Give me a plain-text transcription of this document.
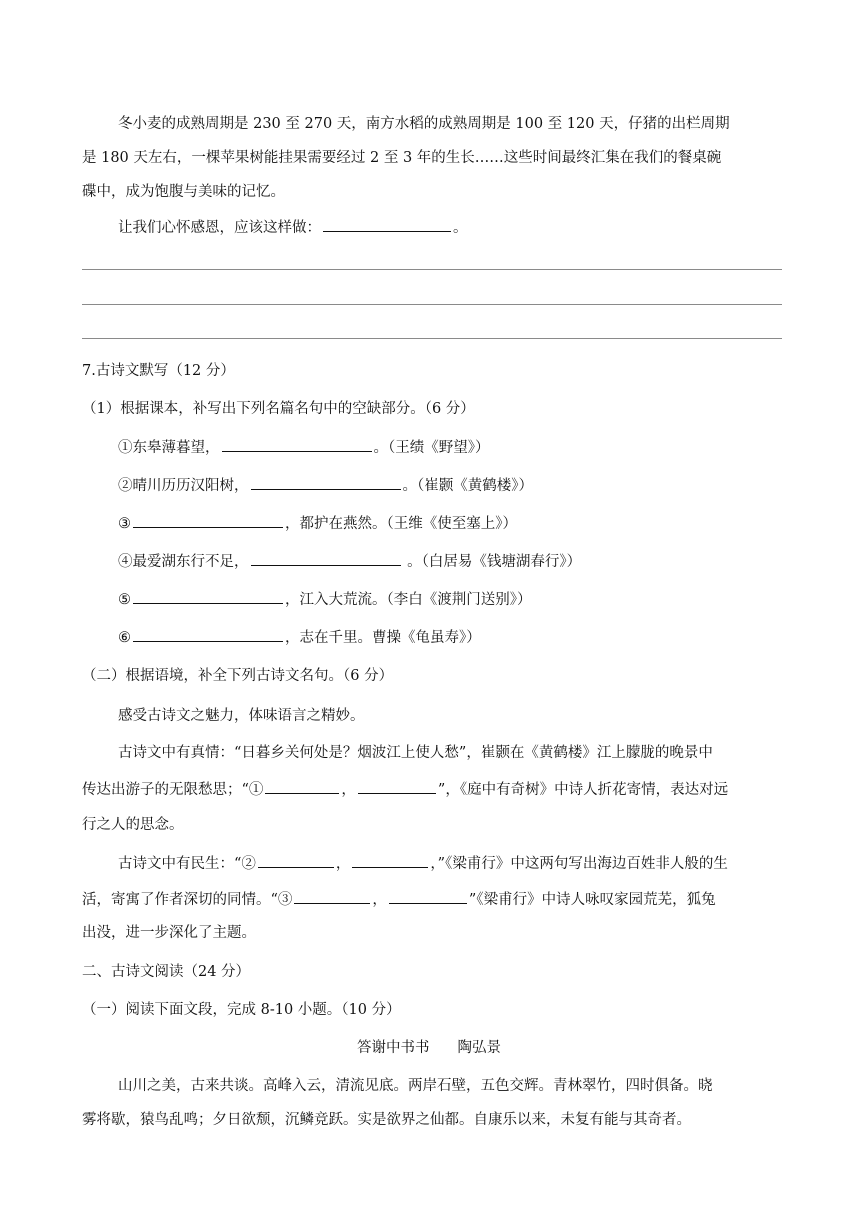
冬小麦的成熟周期是 230 至 270 天，南方水稻的成熟周期是 100 至 120 天，仔猪的出栏周期
是 180 天左右，一棵苹果树能挂果需要经过 2 至 3 年的生长……这些时间最终汇集在我们的餐桌碗
碟中，成为饱腹与美味的记忆。
让我们心怀感恩，应该这样做：	。
7.古诗文默写（12 分）
（1）根据课本，补写出下列名篇名句中的空缺部分。（6 分）
①东皋薄暮望，	。（王绩《野望》）
②晴川历历汉阳树，	。（崔颢《黄鹤楼》）
③	，都护在燕然。（王维《使至塞上》）
④最爱湖东行不足，	。（白居易《钱塘湖春行》）
⑤	，江入大荒流。（李白《渡荆门送别》）
⑥	，志在千里。曹操《龟虽寿》）
（二）根据语境，补全下列古诗文名句。（6 分）
感受古诗文之魅力，体味语言之精妙。
古诗文中有真情：“日暮乡关何处是？烟波江上使人愁”，崔颢在《黄鹤楼》江上朦胧的晚景中
传达出游子的无限愁思；“①	，	”，《庭中有奇树》中诗人折花寄情，表达对远
行之人的思念。
古诗文中有民生：“②	，	，”《梁甫行》中这两句写出海边百姓非人般的生
活，寄寓了作者深切的同情。“③	，	”《梁甫行》中诗人咏叹家园荒芜，狐兔
出没，进一步深化了主题。
二、古诗文阅读（24 分）
（一）阅读下面文段，完成 8-10 小题。（10 分）
答谢中书书 陶弘景
山川之美，古来共谈。高峰入云，清流见底。两岸石壁，五色交辉。青林翠竹，四时俱备。晓
雾将歇，猿鸟乱鸣；夕日欲颓，沉鳞竞跃。实是欲界之仙都。自康乐以来，未复有能与其奇者。
